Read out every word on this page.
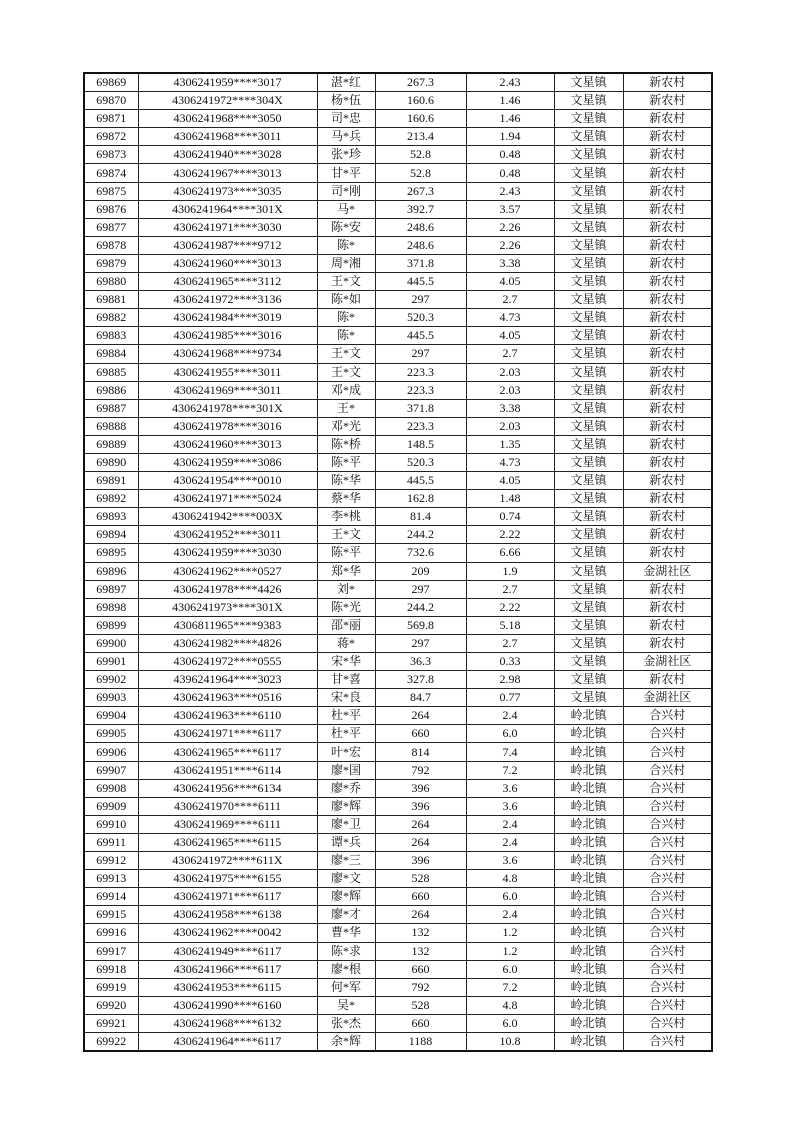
69869	4306241959****3017	湛*红	267.3	2.43	文星镇	新农村
69870	4306241972****304X	杨*伍	160.6	1.46	文星镇	新农村
69871	4306241968****3050	司*忠	160.6	1.46	文星镇	新农村
69872	4306241968****3011	马*兵	213.4	1.94	文星镇	新农村
69873	4306241940****3028	张*珍	52.8	0.48	文星镇	新农村
69874	4306241967****3013	甘*平	52.8	0.48	文星镇	新农村
69875	4306241973****3035	司*刚	267.3	2.43	文星镇	新农村
69876	4306241964****301X	马*	392.7	3.57	文星镇	新农村
69877	4306241971****3030	陈*安	248.6	2.26	文星镇	新农村
69878	4306241987****9712	陈*	248.6	2.26	文星镇	新农村
69879	4306241960****3013	周*湘	371.8	3.38	文星镇	新农村
69880	4306241965****3112	王*文	445.5	4.05	文星镇	新农村
69881	4306241972****3136	陈*如	297	2.7	文星镇	新农村
69882	4306241984****3019	陈*	520.3	4.73	文星镇	新农村
69883	4306241985****3016	陈*	445.5	4.05	文星镇	新农村
69884	4306241968****9734	王*文	297	2.7	文星镇	新农村
69885	4306241955****3011	王*文	223.3	2.03	文星镇	新农村
69886	4306241969****3011	邓*成	223.3	2.03	文星镇	新农村
69887	4306241978****301X	王*	371.8	3.38	文星镇	新农村
69888	4306241978****3016	邓*光	223.3	2.03	文星镇	新农村
69889	4306241960****3013	陈*桥	148.5	1.35	文星镇	新农村
69890	4306241959****3086	陈*平	520.3	4.73	文星镇	新农村
69891	4306241954****0010	陈*华	445.5	4.05	文星镇	新农村
69892	4306241971****5024	蔡*华	162.8	1.48	文星镇	新农村
69893	4306241942****003X	李*桃	81.4	0.74	文星镇	新农村
69894	4306241952****3011	王*文	244.2	2.22	文星镇	新农村
69895	4306241959****3030	陈*平	732.6	6.66	文星镇	新农村
69896	4306241962****0527	郑*华	209	1.9	文星镇	金湖社区
69897	4306241978****4426	刘*	297	2.7	文星镇	新农村
69898	4306241973****301X	陈*光	244.2	2.22	文星镇	新农村
69899	4306811965****9383	邵*丽	569.8	5.18	文星镇	新农村
69900	4306241982****4826	蒋*	297	2.7	文星镇	新农村
69901	4306241972****0555	宋*华	36.3	0.33	文星镇	金湖社区
69902	4396241964****3023	甘*喜	327.8	2.98	文星镇	新农村
69903	4306241963****0516	宋*良	84.7	0.77	文星镇	金湖社区
69904	4306241963****6110	杜*平	264	2.4	岭北镇	合兴村
69905	4306241971****6117	杜*平	660	6.0	岭北镇	合兴村
69906	4306241965****6117	叶*宏	814	7.4	岭北镇	合兴村
69907	4306241951****6114	廖*国	792	7.2	岭北镇	合兴村
69908	4306241956****6134	廖*乔	396	3.6	岭北镇	合兴村
69909	4306241970****6111	廖*辉	396	3.6	岭北镇	合兴村
69910	4306241969****6111	廖*卫	264	2.4	岭北镇	合兴村
69911	4306241965****6115	谭*兵	264	2.4	岭北镇	合兴村
69912	4306241972****611X	廖*三	396	3.6	岭北镇	合兴村
69913	4306241975****6155	廖*文	528	4.8	岭北镇	合兴村
69914	4306241971****6117	廖*辉	660	6.0	岭北镇	合兴村
69915	4306241958****6138	廖*才	264	2.4	岭北镇	合兴村
69916	4306241962****0042	曹*华	132	1.2	岭北镇	合兴村
69917	4306241949****6117	陈*求	132	1.2	岭北镇	合兴村
69918	4306241966****6117	廖*根	660	6.0	岭北镇	合兴村
69919	4306241953****6115	何*军	792	7.2	岭北镇	合兴村
69920	4306241990****6160	吴*	528	4.8	岭北镇	合兴村
69921	4306241968****6132	张*杰	660	6.0	岭北镇	合兴村
69922	4306241964****6117	余*辉	1188	10.8	岭北镇	合兴村
